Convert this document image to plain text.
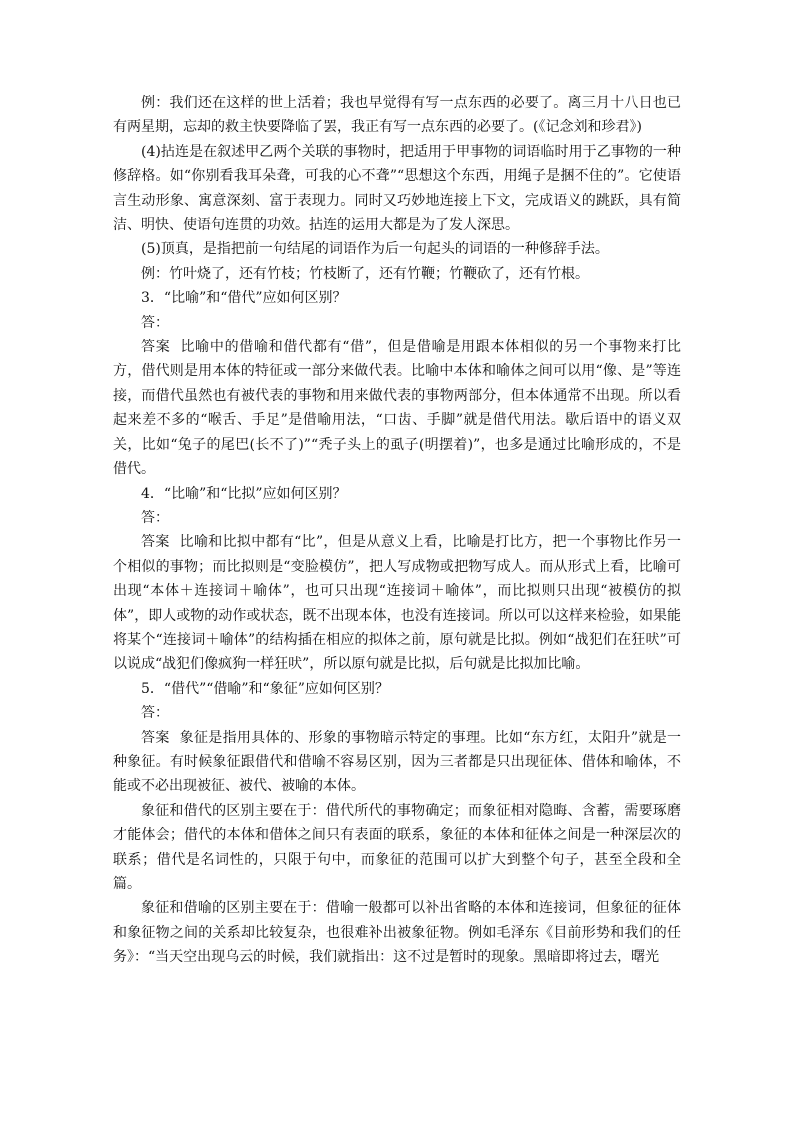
例：我们还在这样的世上活着；我也早觉得有写一点东西的必要了。离三月十八日也已有两星期，忘却的救主快要降临了罢，我正有写一点东西的必要了。(《记念刘和珍君》)

(4)拈连是在叙述甲乙两个关联的事物时，把适用于甲事物的词语临时用于乙事物的一种修辞格。如“你别看我耳朵聋，可我的心不聋”“思想这个东西，用绳子是捆不住的”。它使语言生动形象、寓意深刻、富于表现力。同时又巧妙地连接上下文，完成语义的跳跃，具有简洁、明快、使语句连贯的功效。拈连的运用大都是为了发人深思。

(5)顶真，是指把前一句结尾的词语作为后一句起头的词语的一种修辞手法。

例：竹叶烧了，还有竹枝；竹枝断了，还有竹鞭；竹鞭砍了，还有竹根。

3．“比喻”和“借代”应如何区别？

答：

答案 比喻中的借喻和借代都有“借”，但是借喻是用跟本体相似的另一个事物来打比方，借代则是用本体的特征或一部分来做代表。比喻中本体和喻体之间可以用“像、是”等连接，而借代虽然也有被代表的事物和用来做代表的事物两部分，但本体通常不出现。所以看起来差不多的“喉舌、手足”是借喻用法，“口齿、手脚”就是借代用法。歇后语中的语义双关，比如“兔子的尾巴(长不了)”“秃子头上的虱子(明摆着)”，也多是通过比喻形成的，不是借代。

4．“比喻”和“比拟”应如何区别？

答：

答案 比喻和比拟中都有“比”，但是从意义上看，比喻是打比方，把一个事物比作另一个相似的事物；而比拟则是“变脸模仿”，把人写成物或把物写成人。而从形式上看，比喻可出现“本体＋连接词＋喻体”，也可只出现“连接词＋喻体”，而比拟则只出现“被模仿的拟体”，即人或物的动作或状态，既不出现本体，也没有连接词。所以可以这样来检验，如果能将某个“连接词＋喻体”的结构插在相应的拟体之前，原句就是比拟。例如“战犯们在狂吠”可以说成“战犯们像疯狗一样狂吠”，所以原句就是比拟，后句就是比拟加比喻。

5．“借代”“借喻”和“象征”应如何区别？

答：

答案 象征是指用具体的、形象的事物暗示特定的事理。比如“东方红，太阳升”就是一种象征。有时候象征跟借代和借喻不容易区别，因为三者都是只出现征体、借体和喻体，不能或不必出现被征、被代、被喻的本体。

象征和借代的区别主要在于：借代所代的事物确定；而象征相对隐晦、含蓄，需要琢磨才能体会；借代的本体和借体之间只有表面的联系，象征的本体和征体之间是一种深层次的联系；借代是名词性的，只限于句中，而象征的范围可以扩大到整个句子，甚至全段和全篇。

象征和借喻的区别主要在于：借喻一般都可以补出省略的本体和连接词，但象征的征体和象征物之间的关系却比较复杂，也很难补出被象征物。例如毛泽东《目前形势和我们的任务》：“当天空出现乌云的时候，我们就指出：这不过是暂时的现象。黑暗即将过去，曙光
